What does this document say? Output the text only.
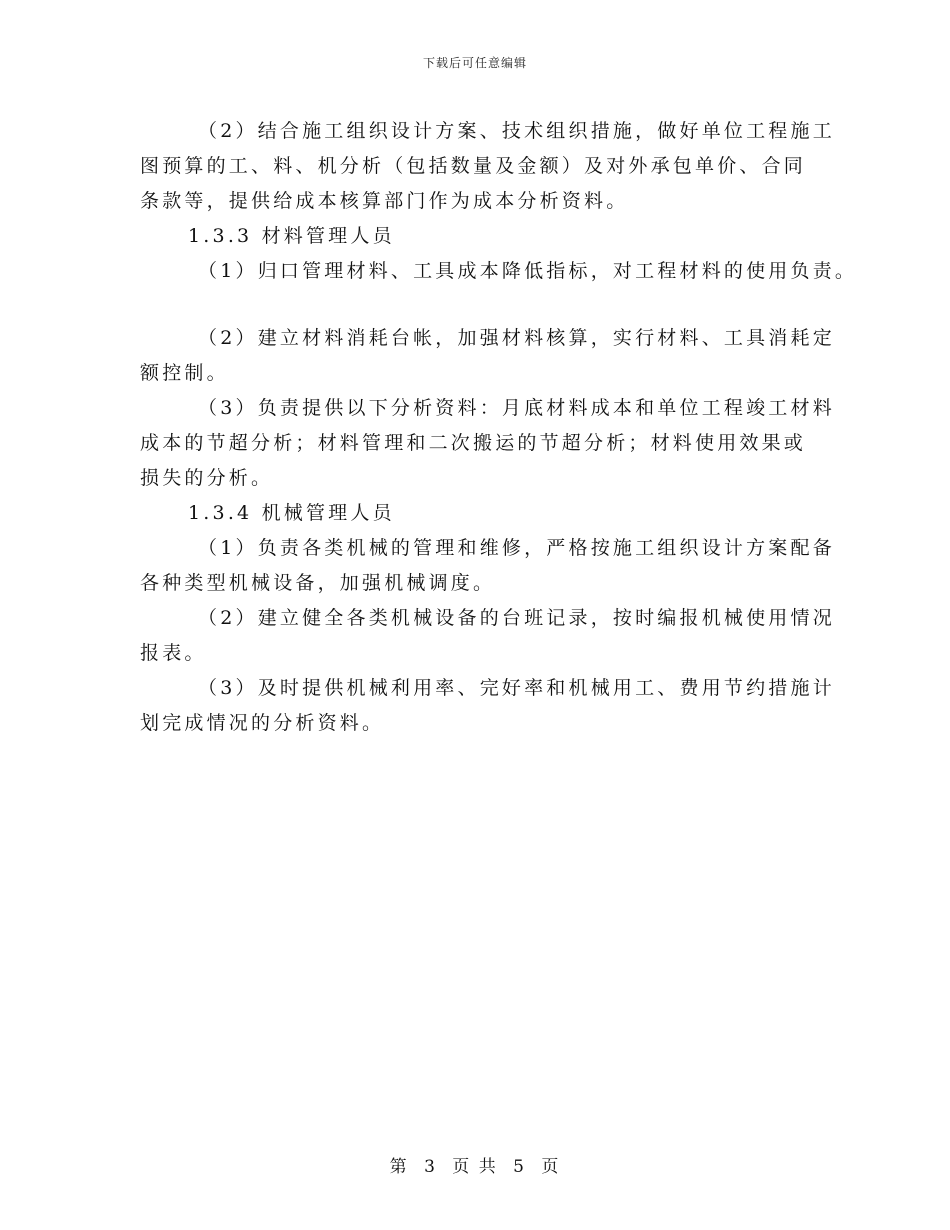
下载后可任意编辑
（2）结合施工组织设计方案、技术组织措施，做好单位工程施工
图预算的工、料、机分析（包括数量及金额）及对外承包单价、合同
条款等，提供给成本核算部门作为成本分析资料。
1.3.3 材料管理人员
（1）归口管理材料、工具成本降低指标，对工程材料的使用负责。
（2）建立材料消耗台帐，加强材料核算，实行材料、工具消耗定
额控制。
（3）负责提供以下分析资料：月底材料成本和单位工程竣工材料
成本的节超分析；材料管理和二次搬运的节超分析；材料使用效果或
损失的分析。
1.3.4 机械管理人员
（1）负责各类机械的管理和维修，严格按施工组织设计方案配备
各种类型机械设备，加强机械调度。
（2）建立健全各类机械设备的台班记录，按时编报机械使用情况
报表。
（3）及时提供机械利用率、完好率和机械用工、费用节约措施计
划完成情况的分析资料。
第 3 页 共 5 页
